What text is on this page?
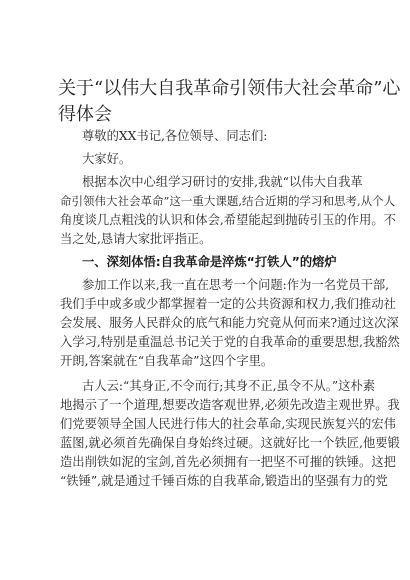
关于“以伟大自我革命引领伟大社会革命”心
得体会

尊敬的XX书记,各位领导、同志们:

大家好。

根据本次中心组学习研讨的安排,我就“以伟大自我革

命引领伟大社会革命”这一重大课题,结合近期的学习和思考,从个人

角度谈几点粗浅的认识和体会,希望能起到抛砖引玉的作用。不

当之处,恳请大家批评指正。

一、深刻体悟:自我革命是淬炼“打铁人”的熔炉

参加工作以来,我一直在思考一个问题:作为一名党员干部,

我们手中或多或少都掌握着一定的公共资源和权力,我们推动社

会发展、服务人民群众的底气和能力究竟从何而来?通过这次深

入学习,特别是重温总书记关于党的自我革命的重要思想,我豁然

开朗,答案就在“自我革命”这四个字里。

古人云:“其身正,不令而行;其身不正,虽令不从。”这朴素

地揭示了一个道理,想要改造客观世界,必须先改造主观世界。我

们党要领导全国人民进行伟大的社会革命,实现民族复兴的宏伟

蓝图,就必须首先确保自身始终过硬。这就好比一个铁匠,他要锻

造出削铁如泥的宝剑,首先必须拥有一把坚不可摧的铁锤。这把

“铁锤”,就是通过千锤百炼的自我革命,锻造出的坚强有力的党
